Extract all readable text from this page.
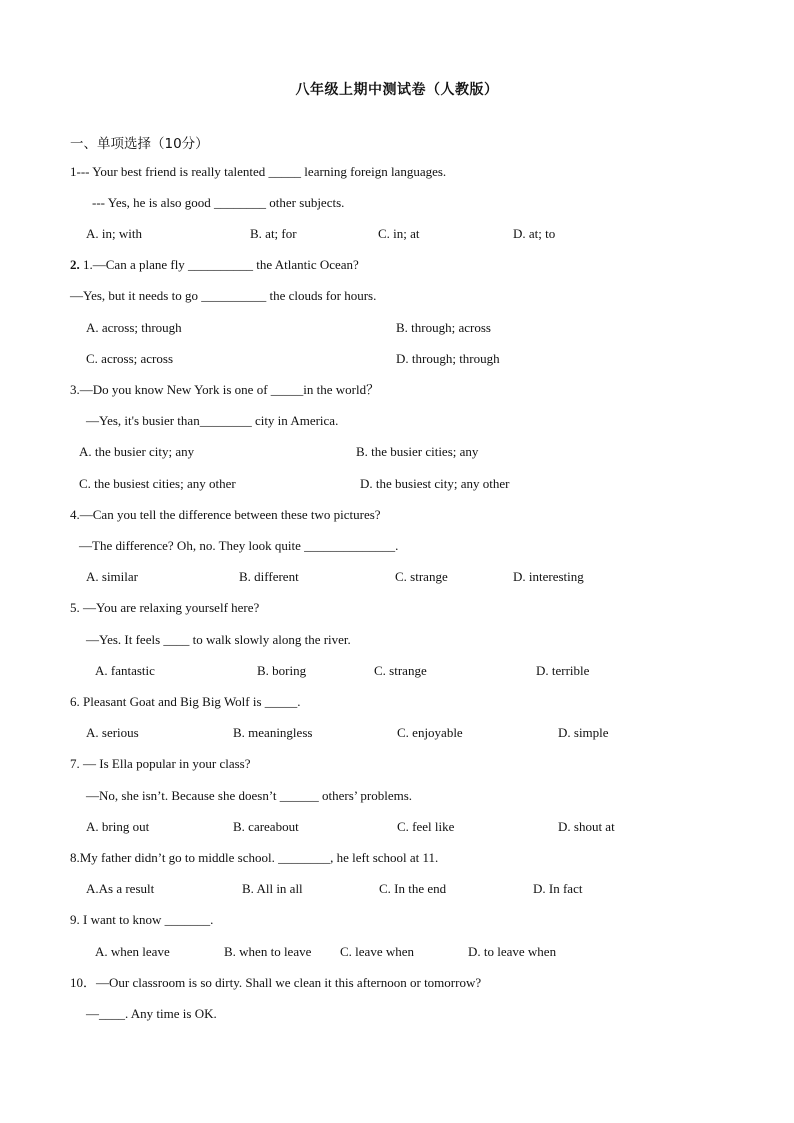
八年级上期中测试卷（人教版）
一、单项选择（10分）
1--- Your best friend is really talented _____ learning foreign languages.
--- Yes, he is also good ________ other subjects.
A. in; with	B. at; for	C. in; at	D. at; to
2. 1.—Can a plane fly __________ the Atlantic Ocean?
—Yes, but it needs to go __________ the clouds for hours.
A. across; through	B. through; across
C. across; across	D. through; through
3.—Do you know New York is one of _____in the world？
—Yes, it's busier than________ city in America.
A. the busier city; any	B. the busier cities; any
C. the busiest cities; any other	D. the busiest city; any other
4.—Can you tell the difference between these two pictures?
—The difference? Oh, no. They look quite ______________.
A. similar	B. different	C. strange	D. interesting
5. —You are relaxing yourself here?
—Yes. It feels ____ to walk slowly along the river.
A. fantastic	B. boring	C. strange	D. terrible
6. Pleasant Goat and Big Big Wolf is _____.
A. serious	B. meaningless	C. enjoyable	D. simple
7. — Is Ella popular in your class?
—No, she isn’t. Because she doesn’t ______ others’ problems.
A. bring out	B. careabout	C. feel like	D. shout at
8.My father didn’t go to middle school. ________, he left school at 11.
A.As a result	B. All in all	C. In the end	D. In fact
9. I want to know _______.
A. when leave	B. when to leave C. leave when	D. to leave when
10．—Our classroom is so dirty. Shall we clean it this afternoon or tomorrow?
—____. Any time is OK.
